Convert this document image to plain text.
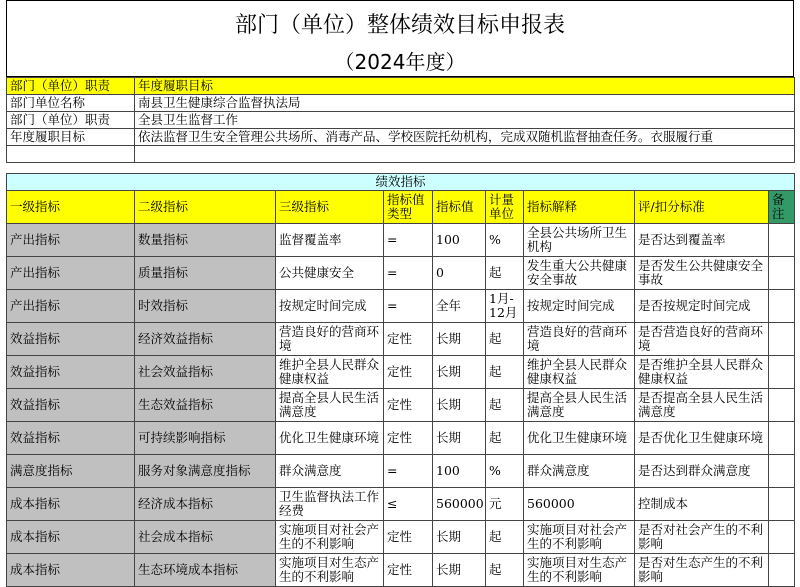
部门（单位）整体绩效目标申报表
（2024年度）
部门（单位）职责	年度履职目标
部门单位名称	南县卫生健康综合监督执法局
部门（单位）职责	全县卫生监督工作
年度履职目标	依法监督卫生安全管理公共场所、消毒产品、学校医院托幼机构，完成双随机监督抽查任务。衣服履行重

绩效指标								
一级指标	二级指标	三级指标	指标值类型	指标值	计量单位	指标解释	评/扣分标准	备注
产出指标	数量指标	监督覆盖率	=	100	%	全县公共场所卫生机构	是否达到覆盖率	
产出指标	质量指标	公共健康安全	=	0	起	发生重大公共健康安全事故	是否发生公共健康安全事故	
产出指标	时效指标	按规定时间完成	=	全年	1月-12月	按规定时间完成	是否按规定时间完成	
效益指标	经济效益指标	营造良好的营商环境	定性	长期	起	营造良好的营商环境	是否营造良好的营商环境	
效益指标	社会效益指标	维护全县人民群众健康权益	定性	长期	起	维护全县人民群众健康权益	是否维护全县人民群众健康权益	
效益指标	生态效益指标	提高全县人民生活满意度	定性	长期	起	提高全县人民生活满意度	是否提高全县人民生活满意度	
效益指标	可持续影响指标	优化卫生健康环境	定性	长期	起	优化卫生健康环境	是否优化卫生健康环境	
满意度指标	服务对象满意度指标	群众满意度	=	100	%	群众满意度	是否达到群众满意度	
成本指标	经济成本指标	卫生监督执法工作经费	≤	560000	元	560000	控制成本	
成本指标	社会成本指标	实施项目对社会产生的不利影响	定性	长期	起	实施项目对社会产生的不利影响	是否对社会产生的不利影响	
成本指标	生态环境成本指标	实施项目对生态产生的不利影响	定性	长期	起	实施项目对生态产生的不利影响	是否对生态产生的不利影响	
